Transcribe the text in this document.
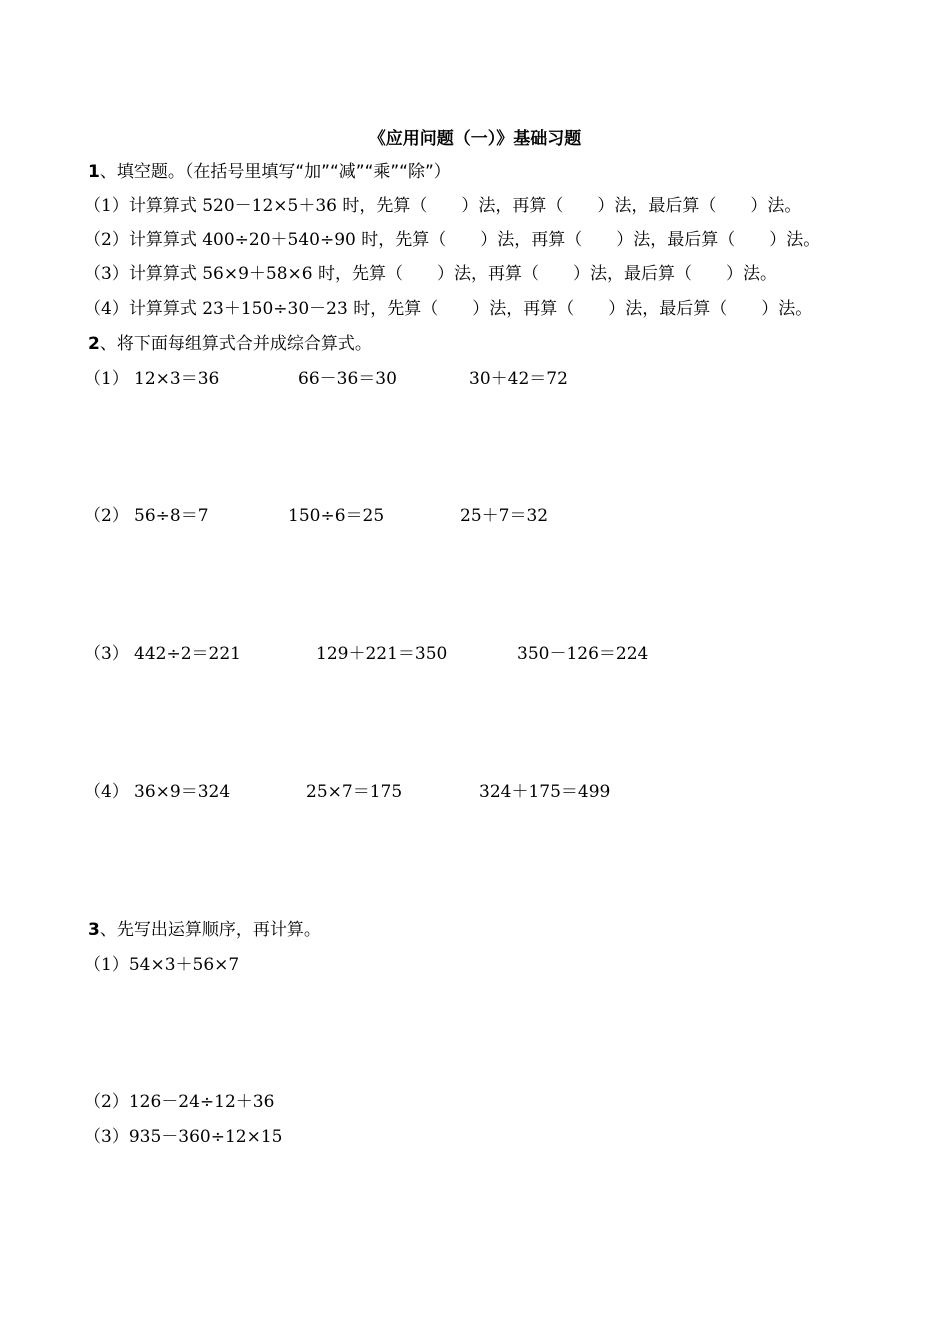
《应用问题（一）》基础习题
1、填空题。（在括号里填写“加”“减”“乘”“除”）
（1）计算算式 520－12×5＋36 时，先算（　　）法，再算（　　）法，最后算（　　）法。
（2）计算算式 400÷20＋540÷90 时，先算（　　）法，再算（　　）法，最后算（　　）法。
（3）计算算式 56×9＋58×6 时，先算（　　）法，再算（　　）法，最后算（　　）法。
（4）计算算式 23＋150÷30－23 时，先算（　　）法，再算（　　）法，最后算（　　）法。
2、将下面每组算式合并成综合算式。
（1） 12×3＝36	66－36＝30	30＋42＝72
（2） 56÷8＝7	150÷6＝25	25＋7＝32
（3） 442÷2＝221	129＋221＝350	350－126＝224
（4） 36×9＝324	25×7＝175	324＋175＝499
3、先写出运算顺序，再计算。
（1）54×3＋56×7
（2）126－24÷12＋36
（3）935－360÷12×15
